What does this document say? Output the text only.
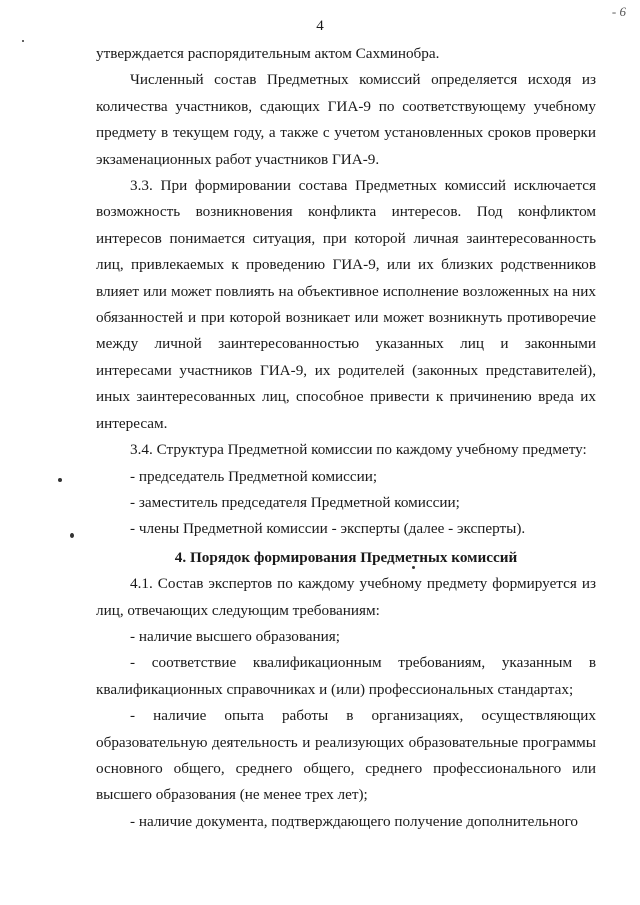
4
- 6

утверждается распорядительным актом Сахминобра.

Численный состав Предметных комиссий определяется исходя из количества участников, сдающих ГИА-9 по соответствующему учебному предмету в текущем году, а также с учетом установленных сроков проверки экзаменационных работ участников ГИА-9.

3.3. При формировании состава Предметных комиссий исключается возможность возникновения конфликта интересов. Под конфликтом интересов понимается ситуация, при которой личная заинтересованность лиц, привлекаемых к проведению ГИА-9, или их близких родственников влияет или может повлиять на объективное исполнение возложенных на них обязанностей и при которой возникает или может возникнуть противоречие между личной заинтересованностью указанных лиц и законными интересами участников ГИА-9, их родителей (законных представителей), иных заинтересованных лиц, способное привести к причинению вреда их интересам.

3.4. Структура Предметной комиссии по каждому учебному предмету:

- председатель Предметной комиссии;

- заместитель председателя Предметной комиссии;

- члены Предметной комиссии - эксперты (далее - эксперты).

4. Порядок формирования Предметных комиссий

4.1. Состав экспертов по каждому учебному предмету формируется из лиц, отвечающих следующим требованиям:

- наличие высшего образования;

- соответствие квалификационным требованиям, указанным в квалификационных справочниках и (или) профессиональных стандартах;

- наличие опыта работы в организациях, осуществляющих образовательную деятельность и реализующих образовательные программы основного общего, среднего общего, среднего профессионального или высшего образования (не менее трех лет);

- наличие документа, подтверждающего получение дополнительного
